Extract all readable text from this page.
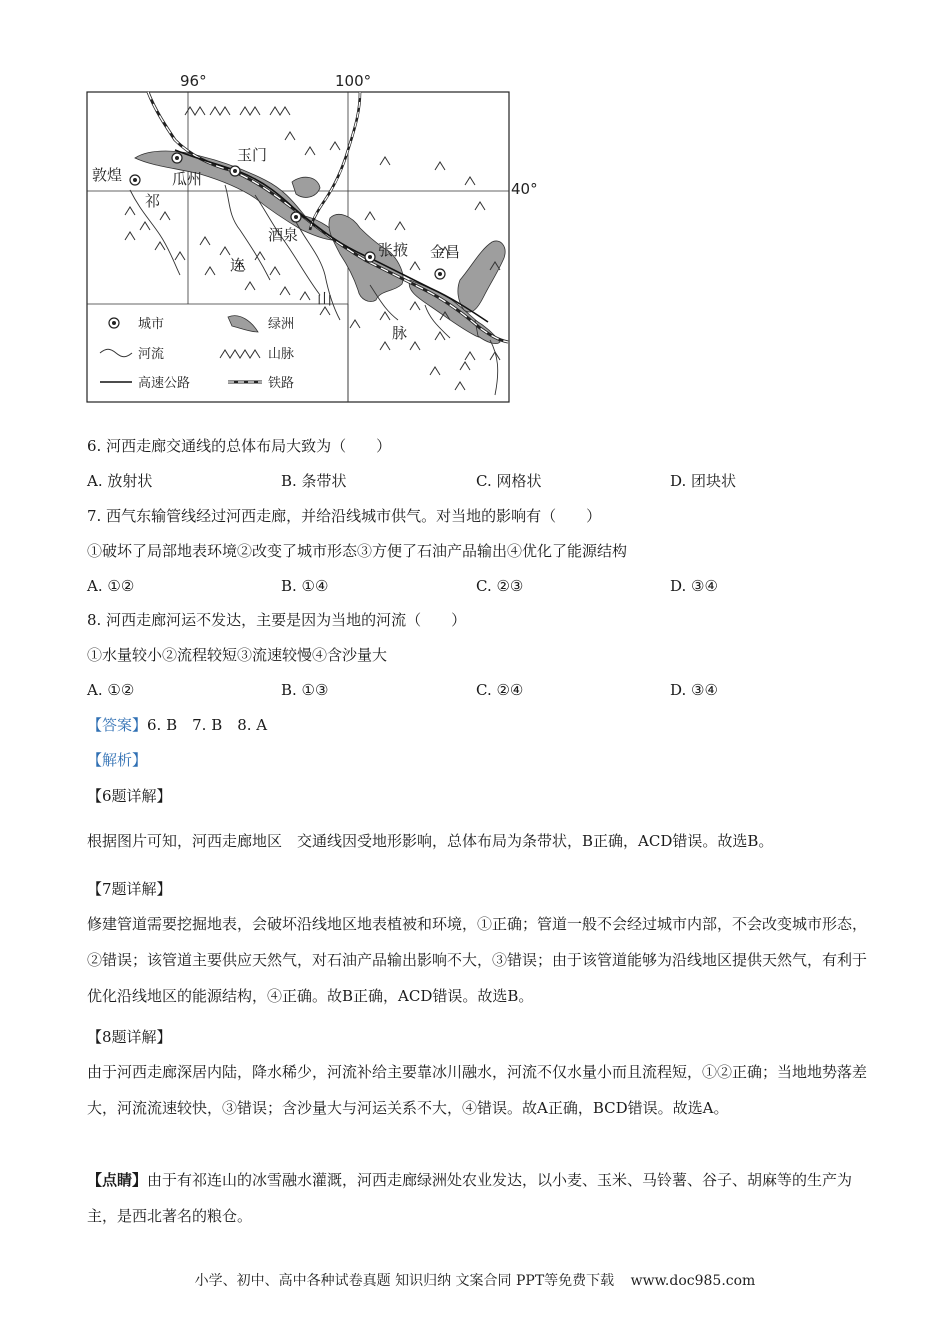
96°	100°
40°
敦煌	瓜州
玉门
酒泉
张掖 金昌
祁
连
山
脉
城市	绿洲
河流	山脉
高速公路	铁路
6. 河西走廊交通线的总体布局大致为（　　）
A. 放射状	B. 条带状	C. 网格状	D. 团块状
7. 西气东输管线经过河西走廊，并给沿线城市供气。对当地的影响有（　　）
①破坏了局部地表环境②改变了城市形态③方便了石油产品输出④优化了能源结构
A. ①②	B. ①④	C. ②③	D. ③④
8. 河西走廊河运不发达，主要是因为当地的河流（　　）
①水量较小②流程较短③流速较慢④含沙量大
A. ①②	B. ①③	C. ②④	D. ③④
【答案】6. B　7. B　8. A
【解析】
【6题详解】
根据图片可知，河西走廊地区　交通线因受地形影响，总体布局为条带状，B正确，ACD错误。故选B。
【7题详解】
修建管道需要挖掘地表，会破坏沿线地区地表植被和环境，①正确；管道一般不会经过城市内部，不会改变城市形态，②错误；该管道主要供应天然气，对石油产品输出影响不大，③错误；由于该管道能够为沿线地区提供天然气，有利于优化沿线地区的能源结构，④正确。故B正确，ACD错误。故选B。
【8题详解】
由于河西走廊深居内陆，降水稀少，河流补给主要靠冰川融水，河流不仅水量小而且流程短，①②正确；当地地势落差大，河流流速较快，③错误；含沙量大与河运关系不大，④错误。故A正确，BCD错误。故选A。
【点睛】由于有祁连山的冰雪融水灌溉，河西走廊绿洲处农业发达，以小麦、玉米、马铃薯、谷子、胡麻等的生产为主，是西北著名的粮仓。
小学、初中、高中各种试卷真题 知识归纳 文案合同 PPT等免费下载 www.doc985.com
